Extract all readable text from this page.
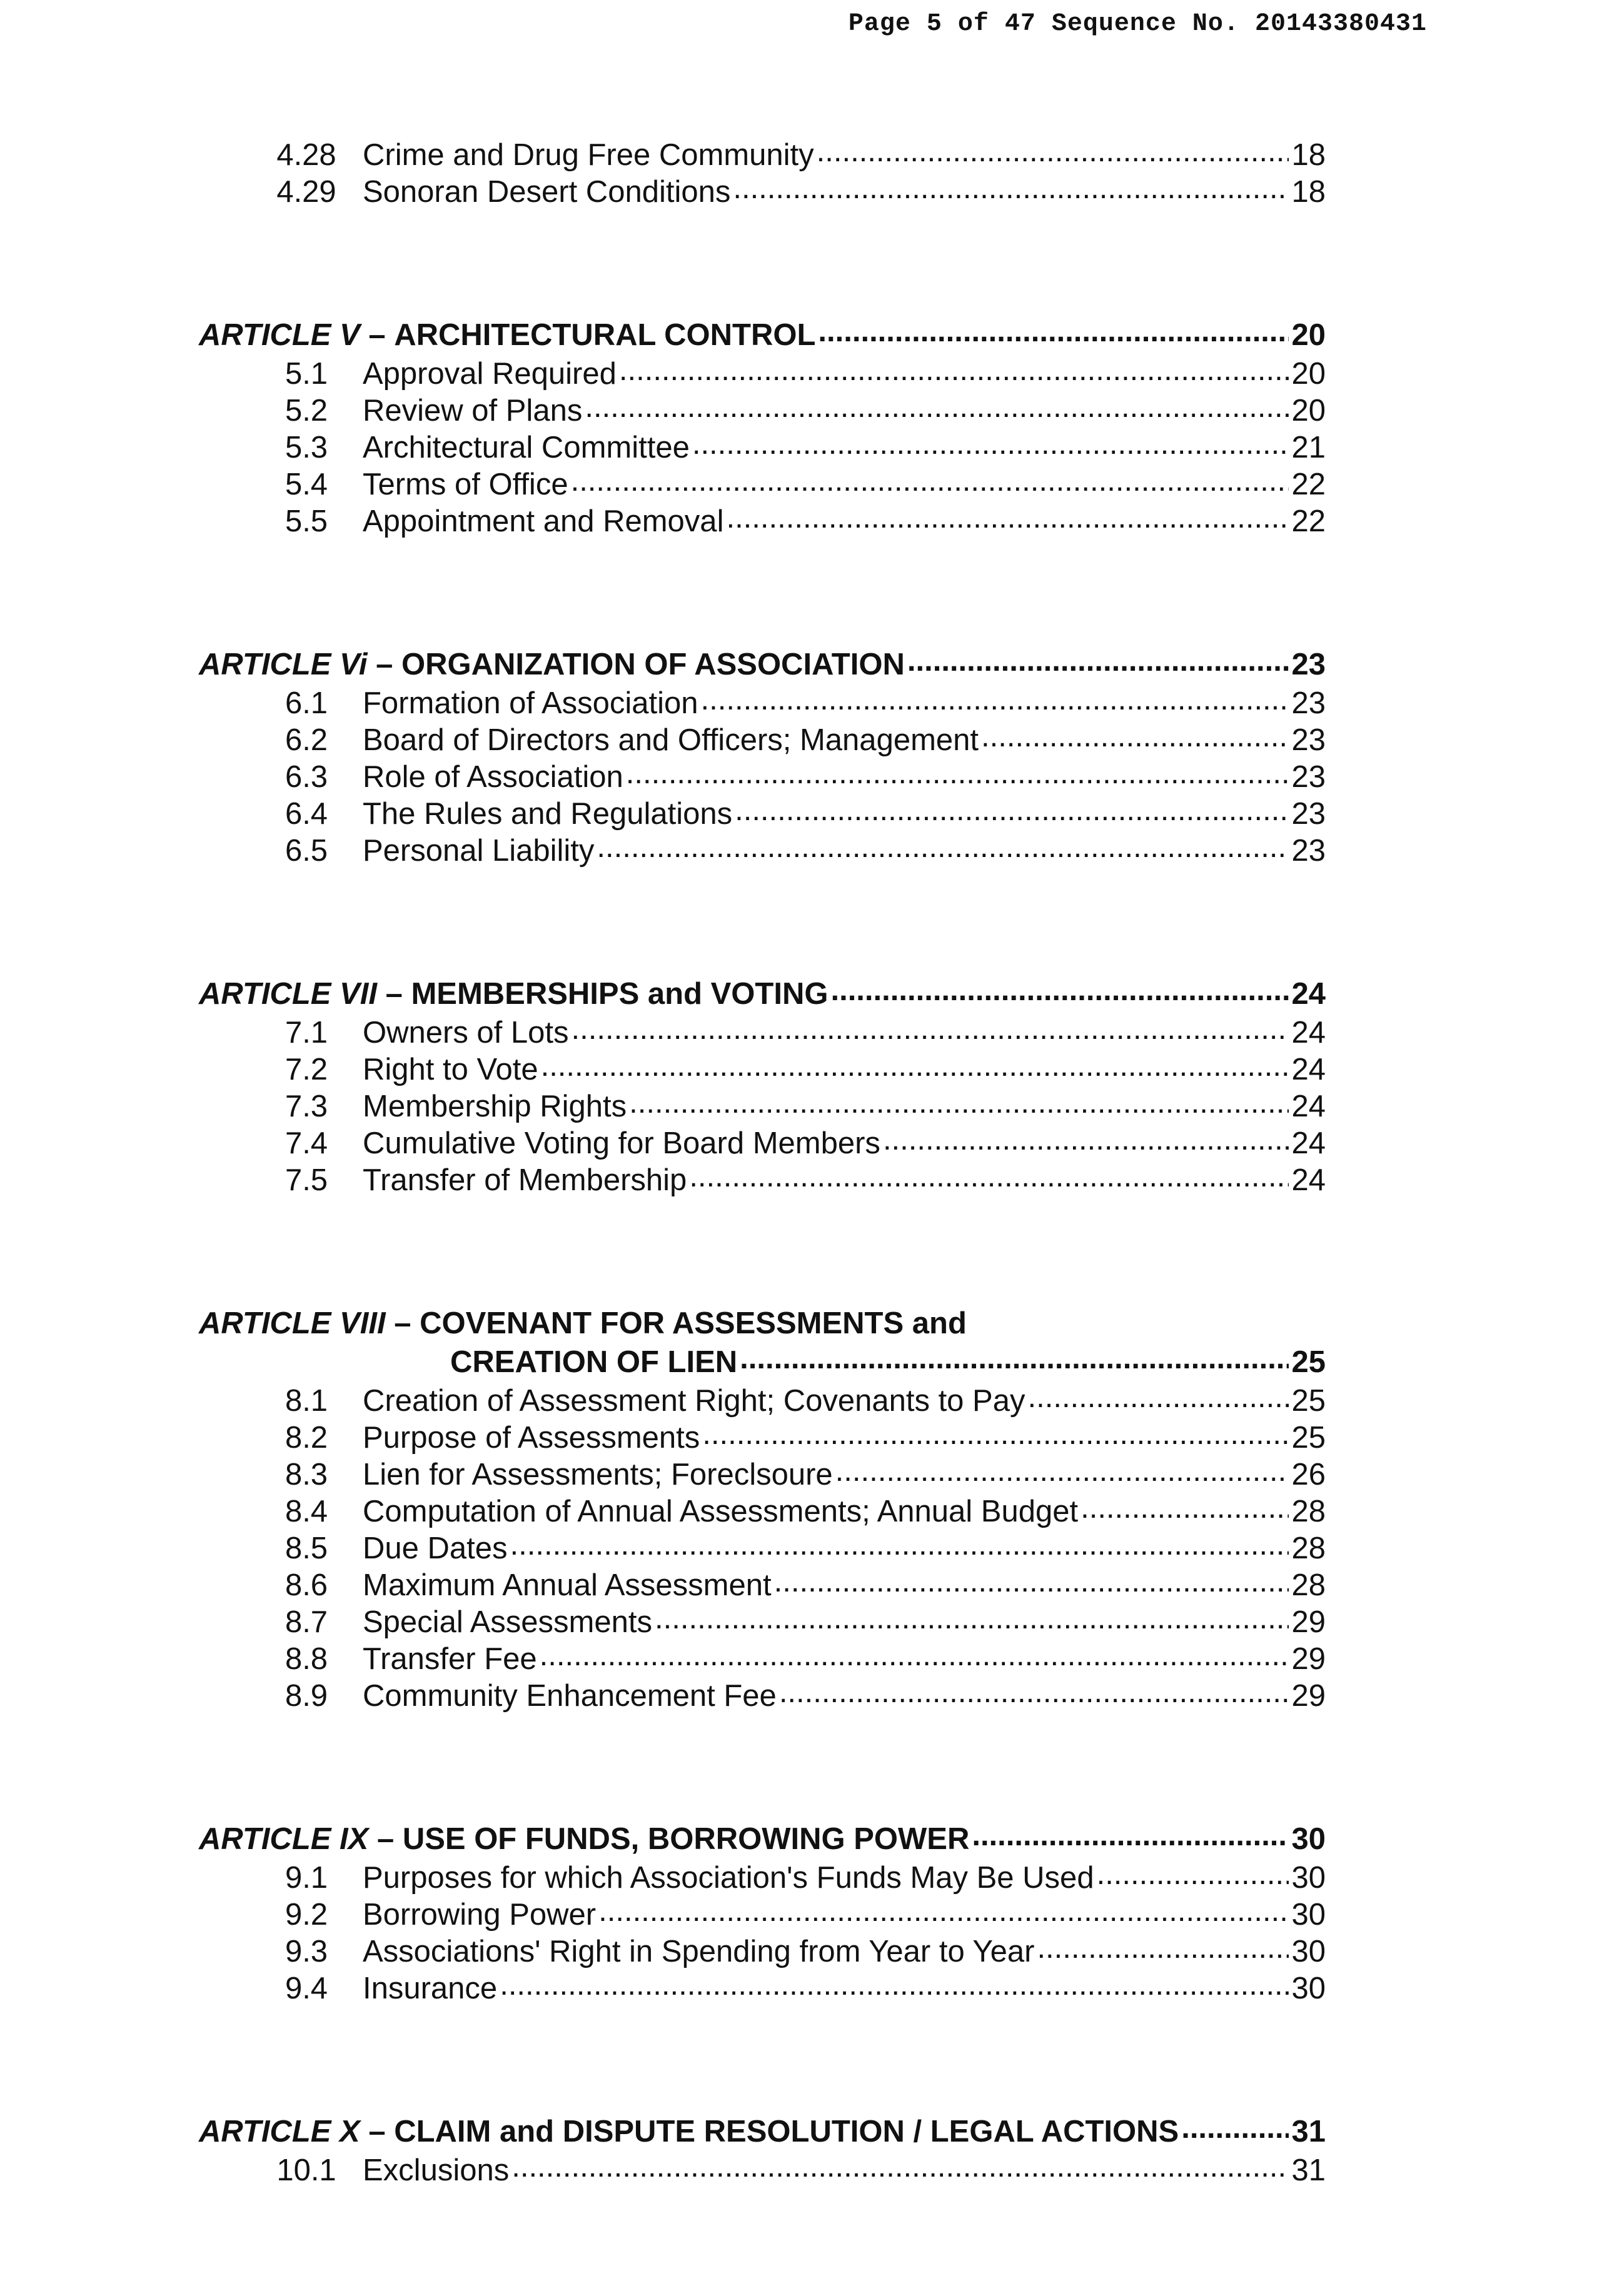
Page 5 of 47 Sequence No. 20143380431
4.28 Crime and Drug Free Community .....	18
4.29 Sonoran Desert Conditions .....	18
ARTICLE V – ARCHITECTURAL CONTROL .....	20
5.1	Approval Required .....	20
5.2	Review of Plans .....	20
5.3	Architectural Committee .....	21
5.4	Terms of Office .....	22
5.5	Appointment and Removal .....	22
ARTICLE Vi – ORGANIZATION OF ASSOCIATION .....	23
6.1	Formation of Association .....	23
6.2	Board of Directors and Officers; Management .....	23
6.3	Role of Association .....	23
6.4	The Rules and Regulations .....	23
6.5	Personal Liability .....	23
ARTICLE VII – MEMBERSHIPS and VOTING .....	24
7.1	Owners of Lots .....	24
7.2	Right to Vote .....	24
7.3	Membership Rights .....	24
7.4	Cumulative Voting for Board Members .....	24
7.5	Transfer of Membership .....	24
ARTICLE VIII – COVENANT FOR ASSESSMENTS and
CREATION OF LIEN .....	25
8.1	Creation of Assessment Right; Covenants to Pay .....	25
8.2	Purpose of Assessments .....	25
8.3	Lien for Assessments; Foreclsoure .....	26
8.4	Computation of Annual Assessments; Annual Budget .....	28
8.5	Due Dates .....	28
8.6	Maximum Annual Assessment .....	28
8.7	Special Assessments .....	29
8.8	Transfer Fee .....	29
8.9	Community Enhancement Fee .....	29
ARTICLE IX – USE OF FUNDS, BORROWING POWER .....	30
9.1	Purposes for which Association's Funds May Be Used .....	30
9.2	Borrowing Power .....	30
9.3	Associations' Right in Spending from Year to Year .....	30
9.4	Insurance .....	30
ARTICLE X – CLAIM and DISPUTE RESOLUTION / LEGAL ACTIONS .....	31
10.1 Exclusions .....	31
